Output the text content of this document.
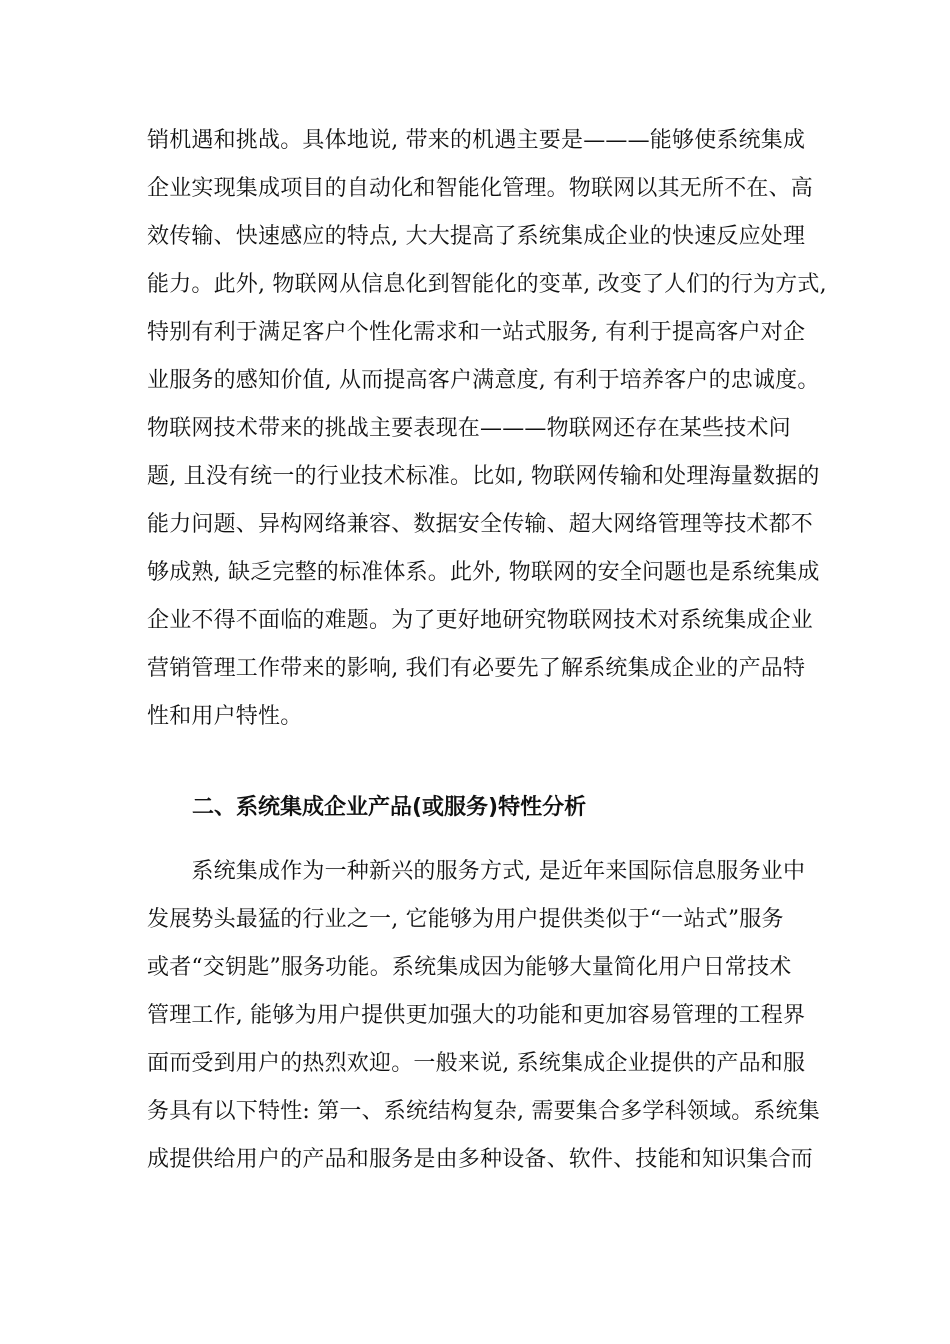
销机遇和挑战。具体地说, 带来的机遇主要是———能够使系统集成
企业实现集成项目的自动化和智能化管理。物联网以其无所不在、高
效传输、快速感应的特点, 大大提高了系统集成企业的快速反应处理
能力。此外, 物联网从信息化到智能化的变革, 改变了人们的行为方式,
特别有利于满足客户个性化需求和一站式服务, 有利于提高客户对企
业服务的感知价值, 从而提高客户满意度, 有利于培养客户的忠诚度。
物联网技术带来的挑战主要表现在———物联网还存在某些技术问
题, 且没有统一的行业技术标准。比如, 物联网传输和处理海量数据的
能力问题、异构网络兼容、数据安全传输、超大网络管理等技术都不
够成熟, 缺乏完整的标准体系。此外, 物联网的安全问题也是系统集成
企业不得不面临的难题。为了更好地研究物联网技术对系统集成企业
营销管理工作带来的影响, 我们有必要先了解系统集成企业的产品特
性和用户特性。
二、系统集成企业产品(或服务)特性分析
　　系统集成作为一种新兴的服务方式, 是近年来国际信息服务业中
发展势头最猛的行业之一, 它能够为用户提供类似于“一站式”服务
或者“交钥匙”服务功能。系统集成因为能够大量简化用户日常技术
管理工作, 能够为用户提供更加强大的功能和更加容易管理的工程界
面而受到用户的热烈欢迎。一般来说, 系统集成企业提供的产品和服
务具有以下特性: 第一、系统结构复杂, 需要集合多学科领域。系统集
成提供给用户的产品和服务是由多种设备、软件、技能和知识集合而
